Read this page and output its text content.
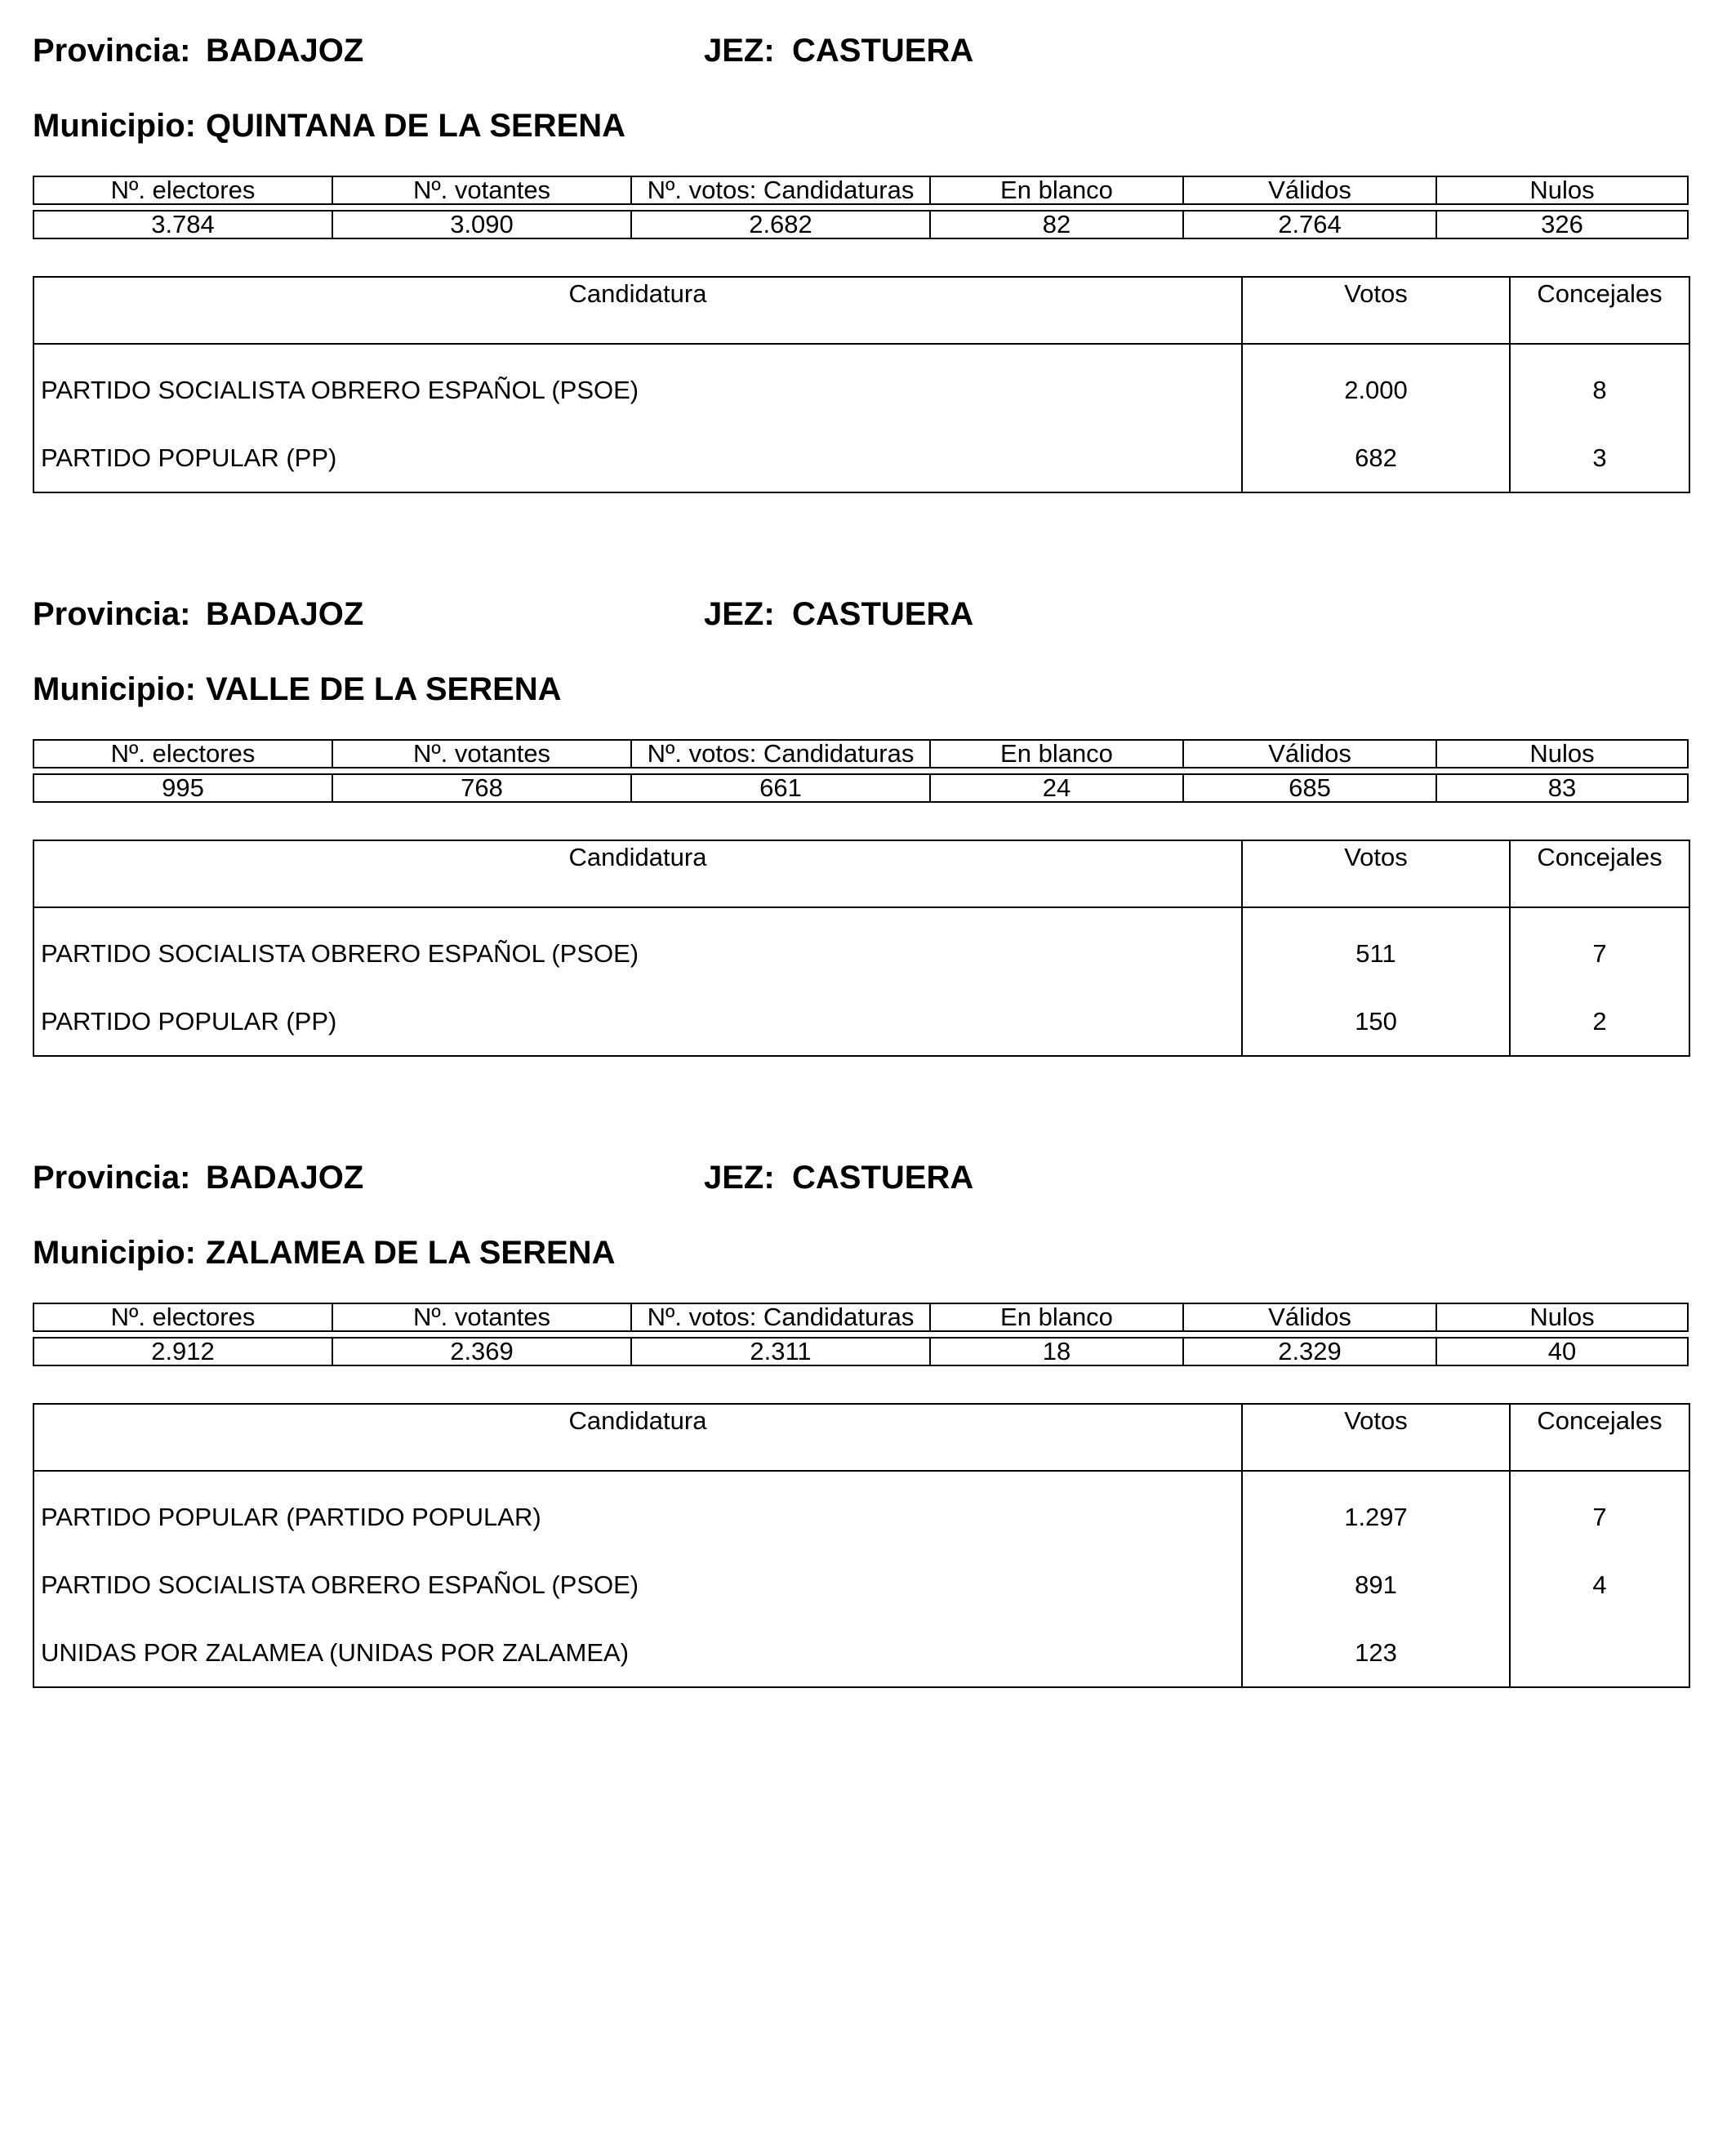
Provincia: BADAJOZ	JEZ: CASTUERA
Municipio: QUINTANA DE LA SERENA
Nº. electores	Nº. votantes	Nº. votos: Candidaturas	En blanco	Válidos	Nulos
3.784	3.090	2.682	82	2.764	326
Candidatura	Votos	Concejales
PARTIDO SOCIALISTA OBRERO ESPAÑOL (PSOE)	2.000	8
PARTIDO POPULAR (PP)	682	3
Provincia: BADAJOZ	JEZ: CASTUERA
Municipio: VALLE DE LA SERENA
Nº. electores	Nº. votantes	Nº. votos: Candidaturas	En blanco	Válidos	Nulos
995	768	661	24	685	83
Candidatura	Votos	Concejales
PARTIDO SOCIALISTA OBRERO ESPAÑOL (PSOE)	511	7
PARTIDO POPULAR (PP)	150	2
Provincia: BADAJOZ	JEZ: CASTUERA
Municipio: ZALAMEA DE LA SERENA
Nº. electores	Nº. votantes	Nº. votos: Candidaturas	En blanco	Válidos	Nulos
2.912	2.369	2.311	18	2.329	40
Candidatura	Votos	Concejales
PARTIDO POPULAR (PARTIDO POPULAR)	1.297	7
PARTIDO SOCIALISTA OBRERO ESPAÑOL (PSOE)	891	4
UNIDAS POR ZALAMEA (UNIDAS POR ZALAMEA)	123	
